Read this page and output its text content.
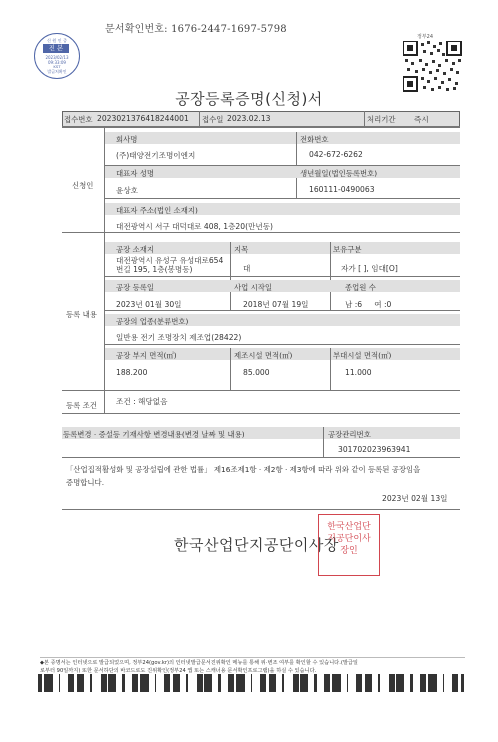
문서확인번호: 1676-2447-1697-5798
신 원 인 증
진 본
2023/02/13
09:33:09
KST
발급처확인
정부24
공장등록증명(신청)서
접수번호 2023021376418244001 접수일 2023.02.13	처리기간 즉시
신청인
회사명	전화번호
(주)태양전기조명이엔지	042-672-6262
대표자 성명	생년월일(법인등록번호)
윤상호	160111-0490063
대표자 주소(법인 소재지)
대전광역시 서구 대덕대로 408, 1층20(만년동)
등록 내용
공장 소재지	지목	보유구분
대전광역시 유성구 유성대로654
번길 195, 1층(봉명동)	대	자가 [ ], 임대[O]
공장 등록일	사업 시작일	종업원 수
2023년 01월 30일	2018년 07월 19일	남 :6     여 :0
공장의 업종(분류번호)
일반용 전기 조명장치 제조업(28422)
공장 부지 면적(㎡)	제조시설 면적(㎡)	부대시설 면적(㎡)
188.200	85.000	11.000
등록 조건	조건 : 해당없음
등록변경 · 증설등 기재사항 변경내용(변경 날짜 및 내용)	공장관리번호
301702023963941
「산업집적활성화 및 공장설립에 관한 법률」 제16조제1항 · 제2항 · 제3항에 따라 위와 같이 등록된 공장임을
증명합니다.
2023년 02월 13일
한국산업단지공단이사장
한국산업단지공단이사장인
◆본 증명서는 인터넷으로 발급되었으며, 정부24(gov.kr)의 인터넷발급문서진위확인 메뉴를 통해 위·변조 여부를 확인할 수 있습니다.(발급일
로부터 90일까지) 또한 문서하단의 바코드로도 진위확인(정부24 앱 또는 스캐너용 문서확인프로그램)을 하실 수 있습니다.
